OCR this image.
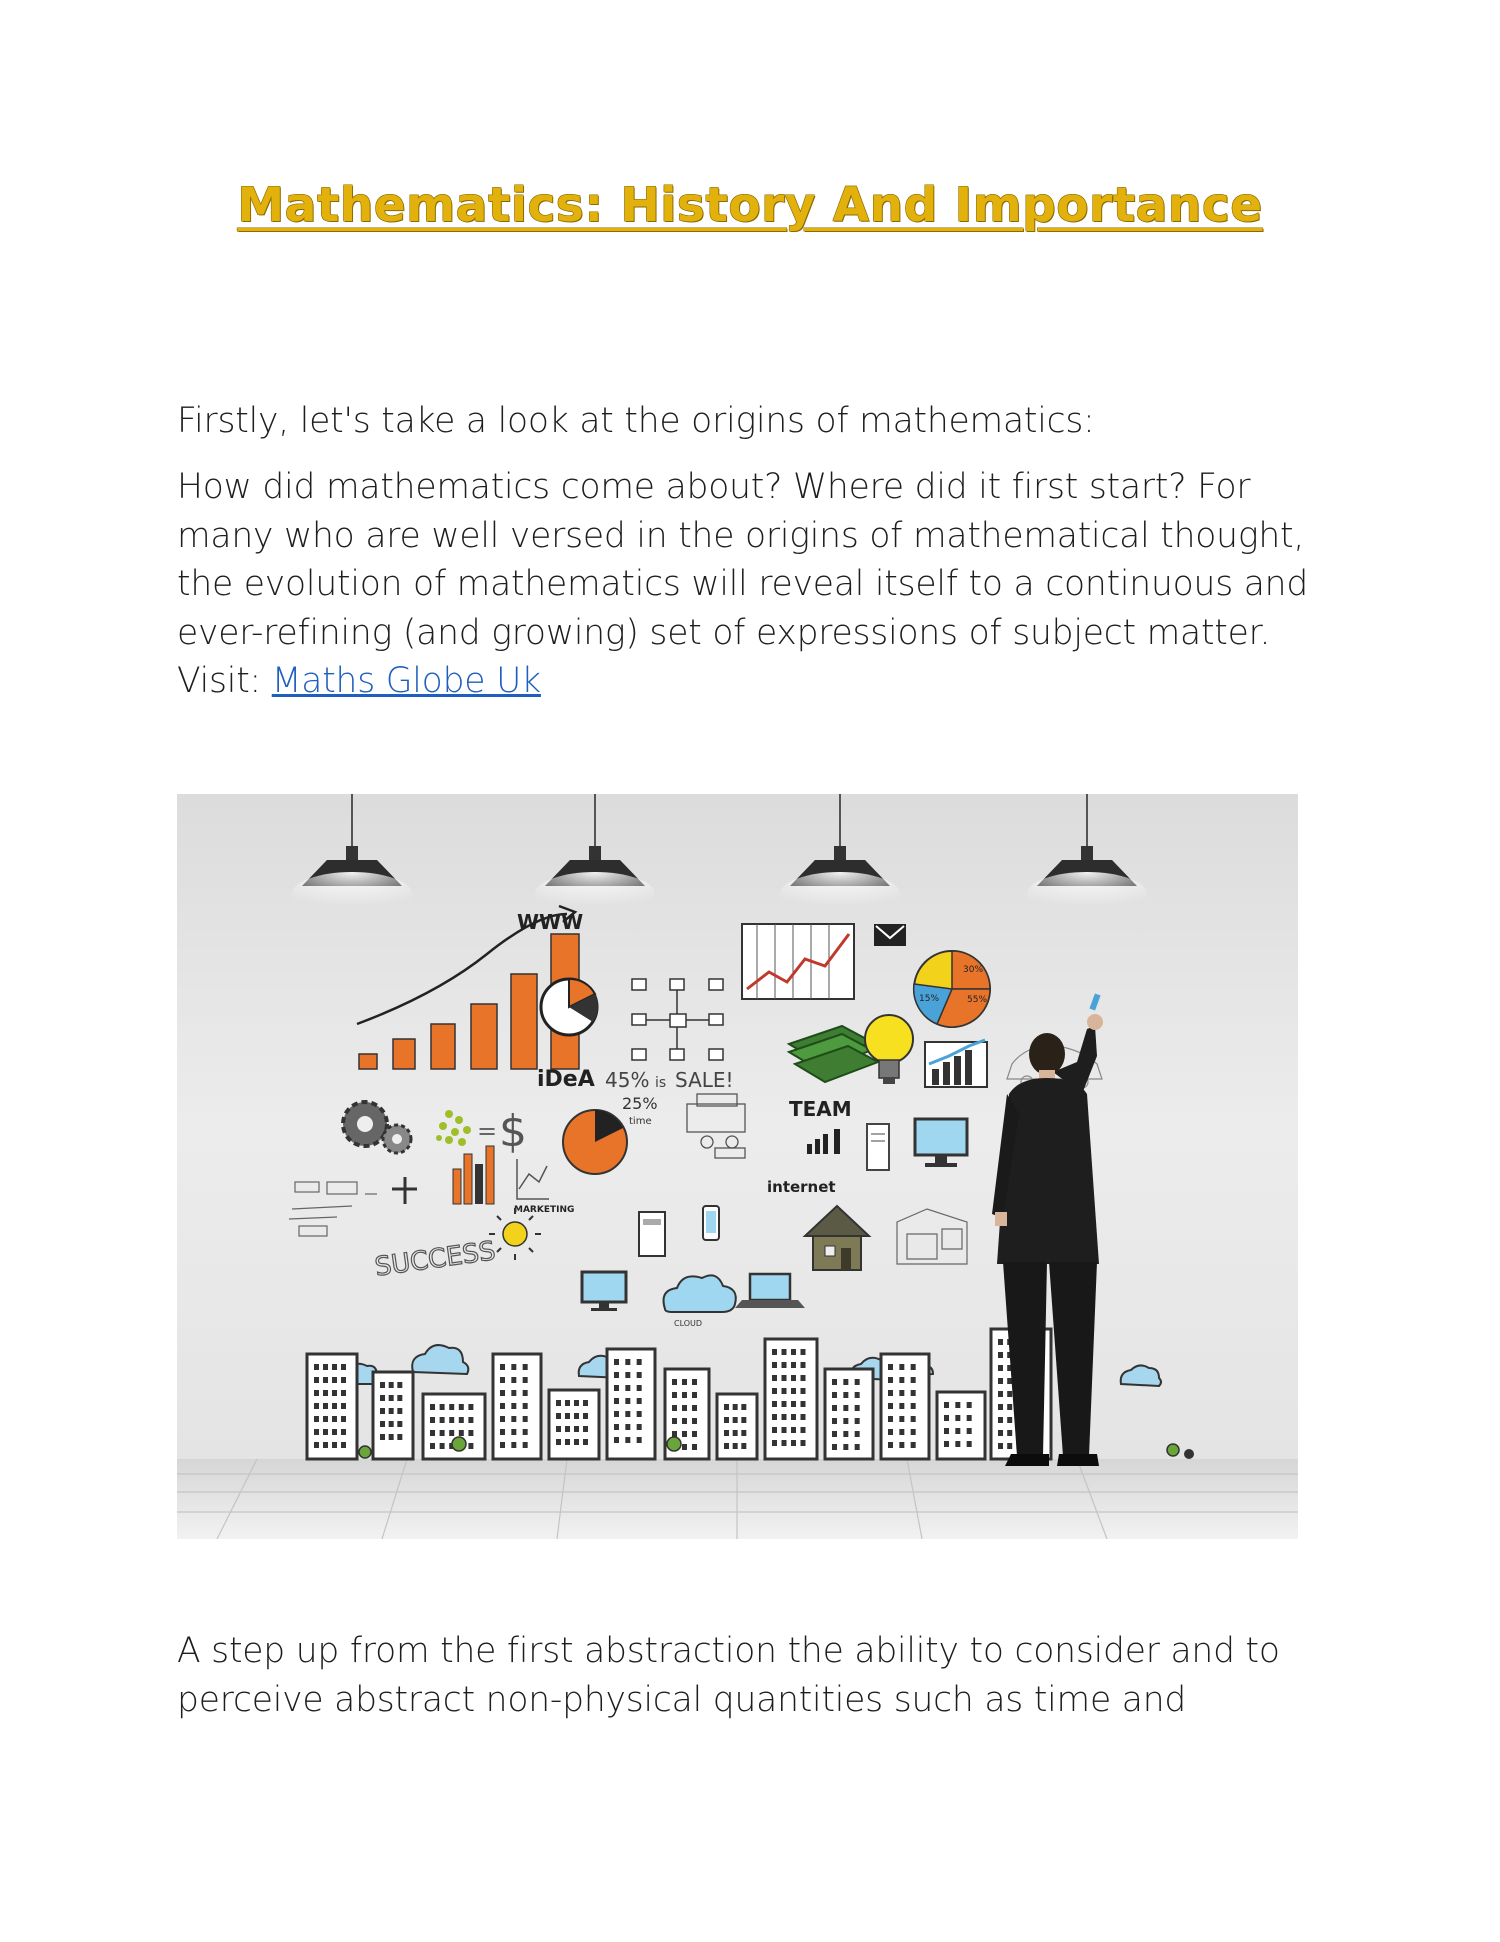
Mathematics: History And Importance

Firstly, let's take a look at the origins of mathematics:

How did mathematics come about? Where did it first start? For many who are well versed in the origins of mathematical thought, the evolution of mathematics will reveal itself to a continuous and ever-refining (and growing) set of expressions of subject matter. Visit: Maths Globe Uk

WWW
30%
15%	55%
iDeA 45% is SALE!
= $
25%
time
TEAM
MARKETING
internet
SUCCESS
CLOUD

A step up from the first abstraction the ability to consider and to perceive abstract non-physical quantities such as time and
